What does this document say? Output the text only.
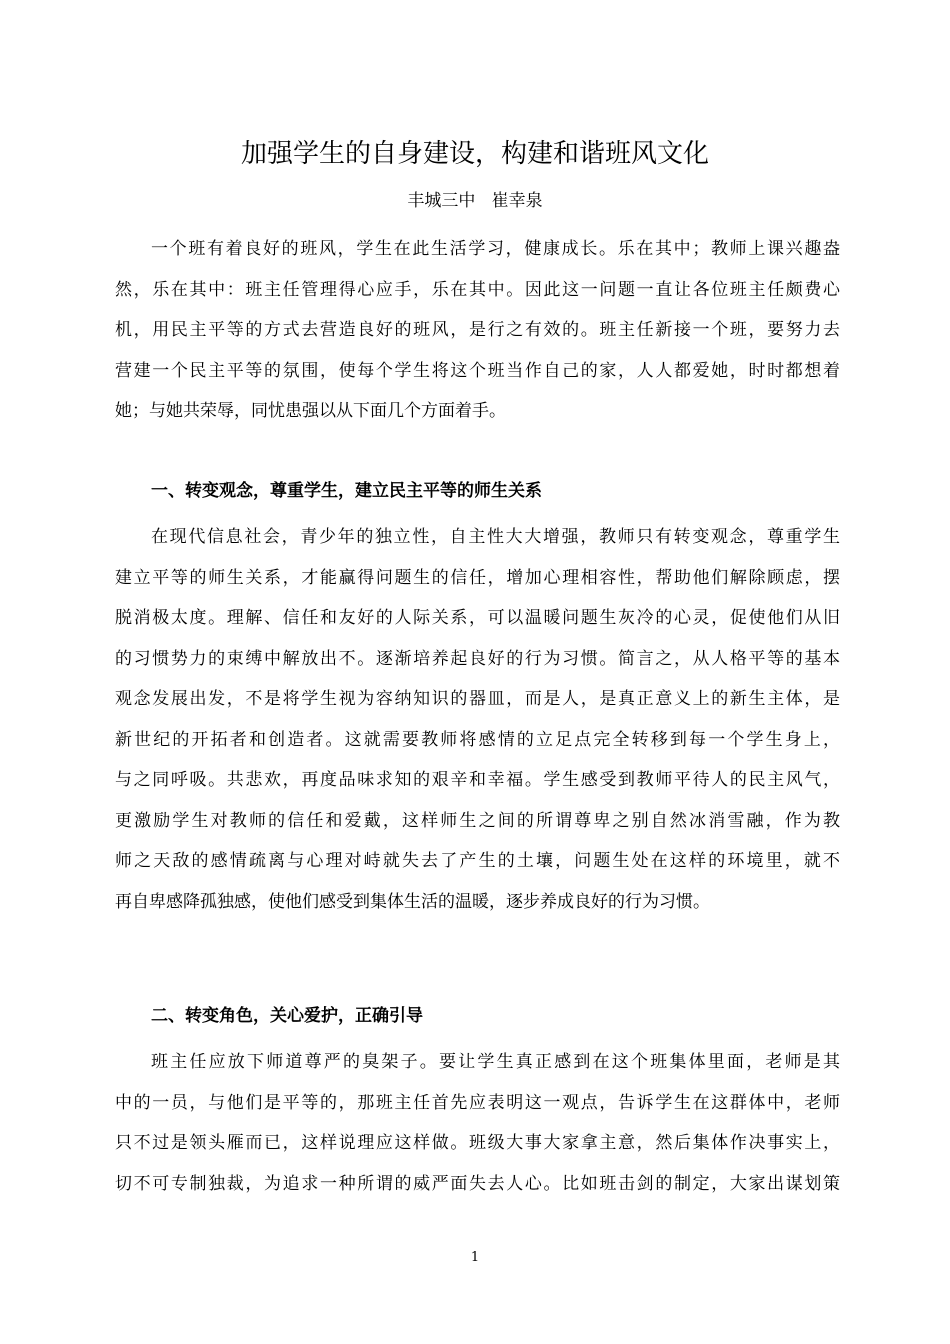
加强学生的自身建设，构建和谐班风文化
丰城三中   崔幸泉
一个班有着良好的班风，学生在此生活学习，健康成长。乐在其中；教师上课兴趣盎
然，乐在其中：班主任管理得心应手，乐在其中。因此这一问题一直让各位班主任颇费心
机，用民主平等的方式去营造良好的班风，是行之有效的。班主任新接一个班，要努力去
营建一个民主平等的氛围，使每个学生将这个班当作自己的家，人人都爱她，时时都想着
她；与她共荣辱，同忧患强以从下面几个方面着手。
一、转变观念，尊重学生，建立民主平等的师生关系
在现代信息社会，青少年的独立性，自主性大大增强，教师只有转变观念，尊重学生
建立平等的师生关系，才能赢得问题生的信任，增加心理相容性，帮助他们解除顾虑，摆
脱消极太度。理解、信任和友好的人际关系，可以温暖问题生灰冷的心灵，促使他们从旧
的习惯势力的束缚中解放出不。逐渐培养起良好的行为习惯。简言之，从人格平等的基本
观念发展出发，不是将学生视为容纳知识的器皿，而是人，是真正意义上的新生主体，是
新世纪的开拓者和创造者。这就需要教师将感情的立足点完全转移到每一个学生身上，
与之同呼吸。共悲欢，再度品味求知的艰辛和幸福。学生感受到教师平待人的民主风气，
更激励学生对教师的信任和爱戴，这样师生之间的所谓尊卑之别自然冰消雪融，作为教
师之天敌的感情疏离与心理对峙就失去了产生的土壤，问题生处在这样的环境里，就不
再自卑感降孤独感，使他们感受到集体生活的温暖，逐步养成良好的行为习惯。
二、转变角色，关心爱护，正确引导
班主任应放下师道尊严的臭架子。要让学生真正感到在这个班集体里面，老师是其
中的一员，与他们是平等的，那班主任首先应表明这一观点，告诉学生在这群体中，老师
只不过是领头雁而已，这样说理应这样做。班级大事大家拿主意，然后集体作决事实上，
切不可专制独裁，为追求一种所谓的威严面失去人心。比如班击剑的制定，大家出谋划策
1
